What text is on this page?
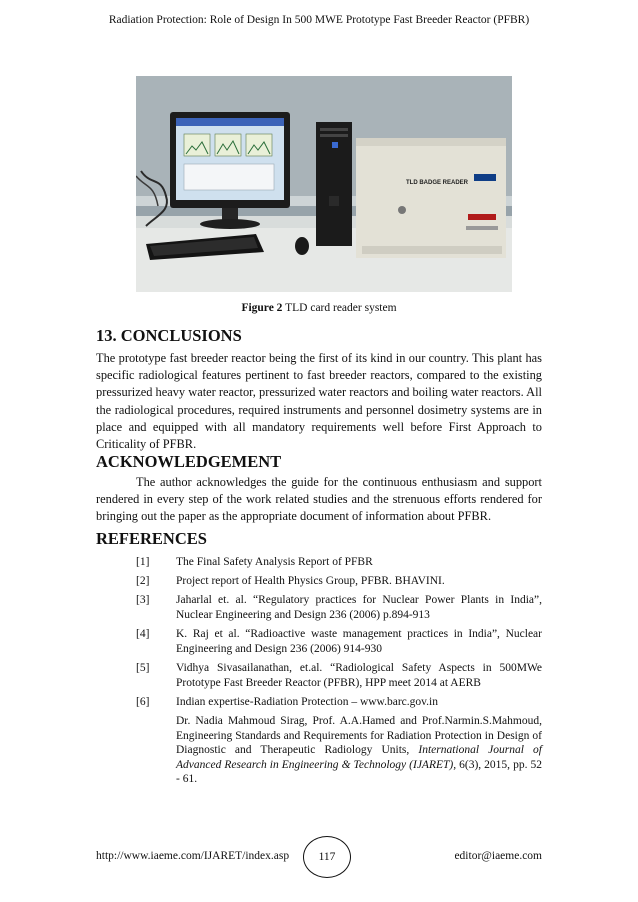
Radiation Protection: Role of Design In 500 MWE Prototype Fast Breeder Reactor (PFBR)
TLD BADGE READER
Figure 2 TLD card reader system
13. CONCLUSIONS

The prototype fast breeder reactor being the first of its kind in our country. This plant has specific radiological features pertinent to fast breeder reactors, compared to the existing pressurized heavy water reactor, pressurized water reactors and boiling water reactors. All the radiological procedures, required instruments and personnel dosimetry systems are in place and equipped with all mandatory requirements well before First Approach to Criticality of PFBR.

ACKNOWLEDGEMENT

The author acknowledges the guide for the continuous enthusiasm and support rendered in every step of the work related studies and the strenuous efforts rendered for bringing out the paper as the appropriate document of information about PFBR.

REFERENCES
[1]	The Final Safety Analysis Report of PFBR
[2]	Project report of Health Physics Group, PFBR. BHAVINI.
[3]	Jaharlal et. al. “Regulatory practices for Nuclear Power Plants in India”, Nuclear Engineering and Design 236 (2006) p.894-913
[4]	K. Raj et al. “Radioactive waste management practices in India”, Nuclear Engineering and Design 236 (2006) 914-930
[5]	Vidhya Sivasailanathan, et.al. “Radiological Safety Aspects in 500MWe Prototype Fast Breeder Reactor (PFBR), HPP meet 2014 at AERB
[6]	Indian expertise-Radiation Protection – www.barc.gov.in
Dr. Nadia Mahmoud Sirag, Prof. A.A.Hamed and Prof.Narmin.S.Mahmoud, Engineering Standards and Requirements for Radiation Protection in Design of Diagnostic and Therapeutic Radiology Units, International Journal of Advanced Research in Engineering & Technology (IJARET), 6(3), 2015, pp. 52 - 61.
http://www.iaeme.com/IJARET/index.asp	117	editor@iaeme.com
